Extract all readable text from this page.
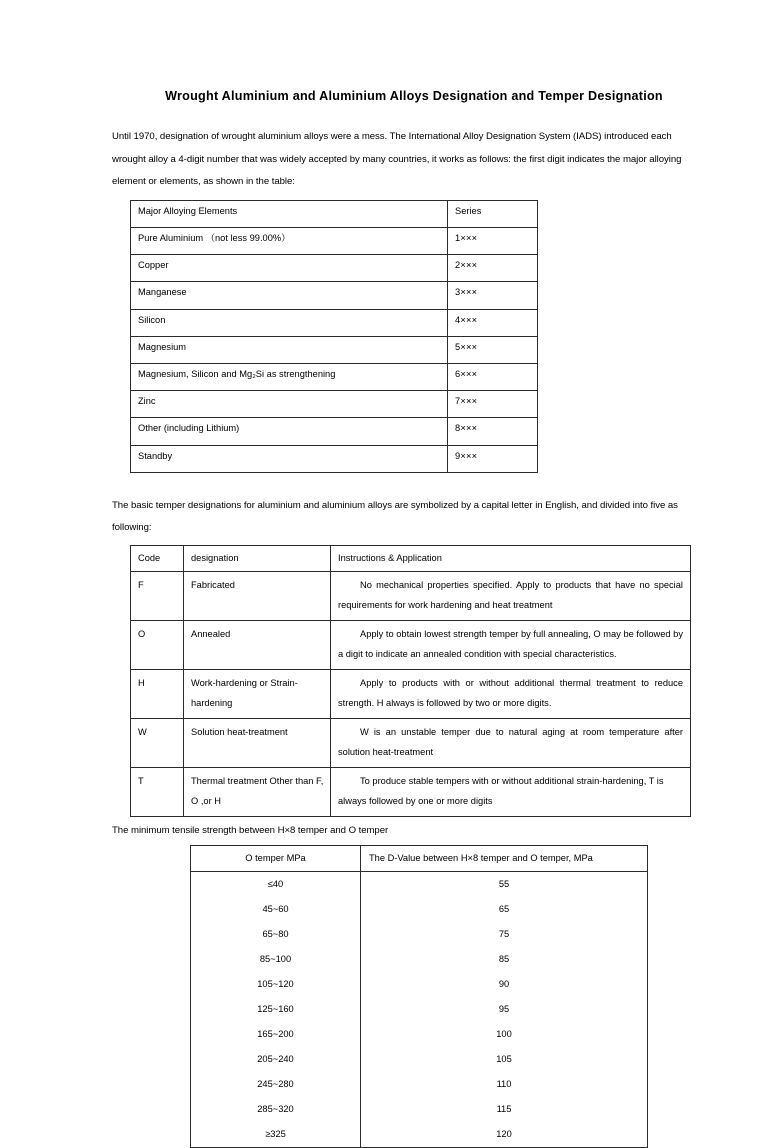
Wrought Aluminium and Aluminium Alloys Designation and Temper Designation

Until 1970, designation of wrought aluminium alloys were a mess. The International Alloy Designation System (IADS) introduced each wrought alloy a 4-digit number that was widely accepted by many countries, it works as follows: the first digit indicates the major alloying element or elements, as shown in the table:

Major Alloying Elements	Series
Pure Aluminium （not less 99.00%）	1×××
Copper	2×××
Manganese	3×××
Silicon	4×××
Magnesium	5×××
Magnesium, Silicon and Mg₂Si as strengthening	6×××
Zinc	7×××
Other (including Lithium)	8×××
Standby	9×××

The basic temper designations for aluminium and aluminium alloys are symbolized by a capital letter in English, and divided into five as following:

Code	designation	Instructions & Application
F	Fabricated	No mechanical properties specified. Apply to products that have no special requirements for work hardening and heat treatment
O	Annealed	Apply to obtain lowest strength temper by full annealing, O may be followed by a digit to indicate an annealed condition with special characteristics.
H	Work-hardening or Strain-hardening	Apply to products with or without additional thermal treatment to reduce strength. H always is followed by two or more digits.
W	Solution heat-treatment	W is an unstable temper due to natural aging at room temperature after solution heat-treatment
T	Thermal treatment Other than F, O ,or H	To produce stable tempers with or without additional strain-hardening, T is always followed by one or more digits

The minimum tensile strength between H×8 temper and O temper

O temper MPa	The D-Value between H×8 temper and O temper, MPa
≤40	55
45~60	65
65~80	75
85~100	85
105~120	90
125~160	95
165~200	100
205~240	105
245~280	110
285~320	115
≥325	120
